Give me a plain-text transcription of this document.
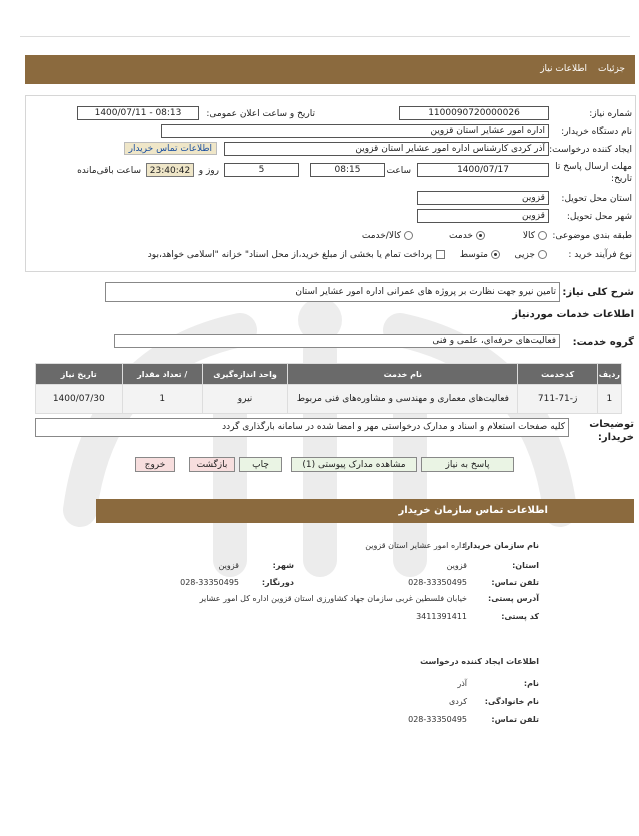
جزئیات
اطلاعات نیاز
شماره نیاز:
1100090720000026
تاریخ و ساعت اعلان عمومی:
1400/07/11 - 08:13
نام دستگاه خریدار:
اداره امور عشایر استان قزوین
ایجاد کننده درخواست:
آذر کردی کارشناس اداره امور عشایر استان قزوین
اطلاعات تماس خریدار
مهلت ارسال پاسخ تا تاریخ:
1400/07/17
ساعت
08:15
5
روز و
23:40:42
ساعت باقی‌مانده
استان محل تحویل:
قزوین
شهر محل تحویل:
قزوین
طبقه بندی موضوعی:
کالا
خدمت
کالا/خدمت
نوع فرآیند خرید :
جزیی
متوسط
پرداخت تمام یا بخشی از مبلغ خرید،از محل اسناد" خزانه "اسلامی خواهد،بود
شرح کلی نیاز:
تامین نیرو جهت نظارت بر پروژه های عمرانی اداره امور عشایر استان
اطلاعات خدمات مورد‌نیاز
گروه خدمت:
فعالیت‌های حرفه‌ای، علمی و فنی
ردیف	کدخدمت	نام خدمت	واحد اندازه‌گیری	/ تعداد مقدار	تاریخ نیاز
1	ز-71-711	فعالیت‌های معماری و مهندسی و مشاوره‌های فنی مربوط	نیرو	1	1400/07/30
توضیحات خریدار:
کلیه صفحات استعلام و اسناد و مدارک درخواستی مهر و امضا شده در سامانه بارگذاری گردد
پاسخ به نیاز
مشاهده مدارک پیوستی (1)
چاپ
بازگشت
خروج
اطلاعات تماس سازمان خریدار
نام سازمان خریدار:
اداره امور عشایر استان قزوین
استان:
قزوین
شهر:
قزوین
تلفن تماس:
028-33350495
دورنگار:
028-33350495
آدرس پستی:
خیابان فلسطین غربی سازمان جهاد کشاورزی استان قزوین اداره کل امور عشایر
کد پستی:
3411391411
اطلاعات ایجاد کننده درخواست
نام:
آذر
نام خانوادگی:
کردی
تلفن تماس:
028-33350495
